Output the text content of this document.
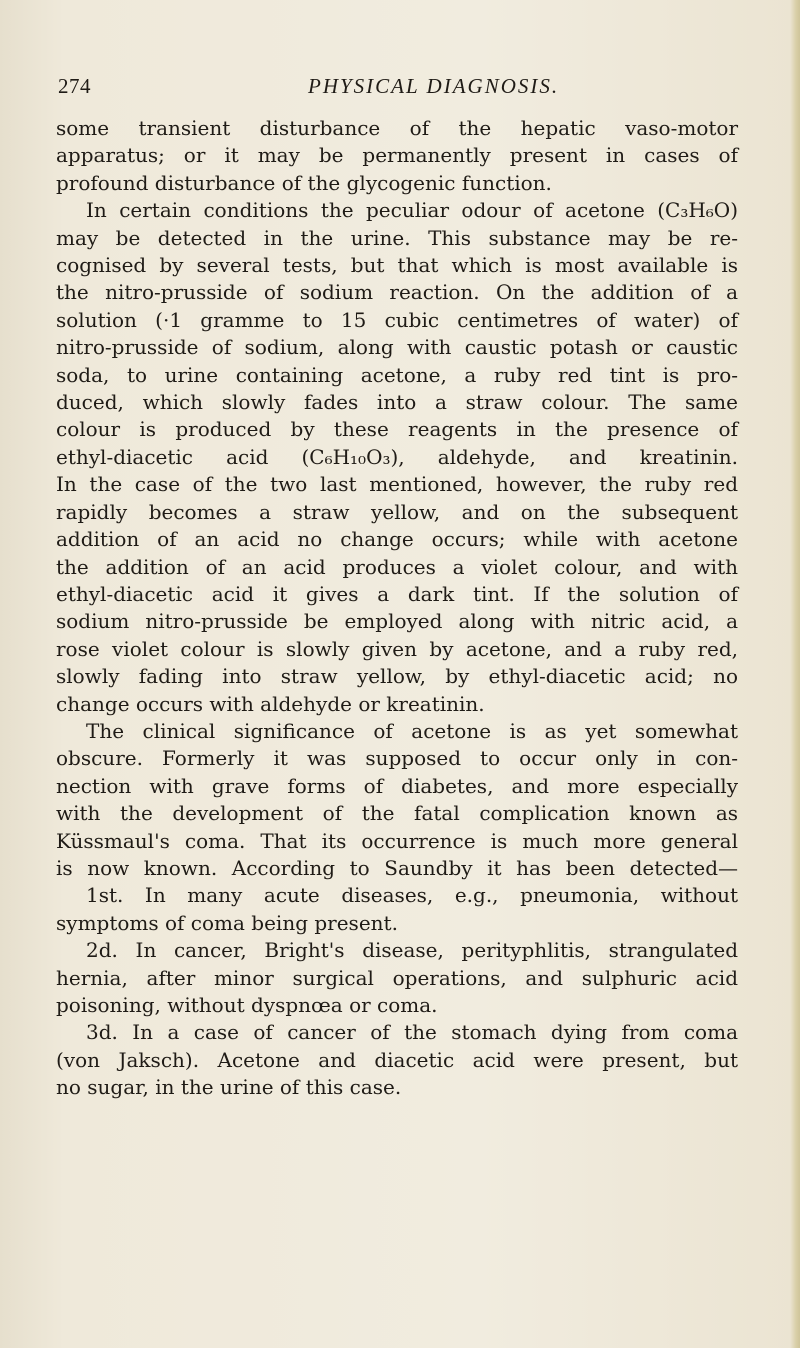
274	PHYSICAL DIAGNOSIS.
some transient disturbance of the hepatic vaso-motor
apparatus; or it may be permanently present in cases of
profound disturbance of the glycogenic function.
In certain conditions the peculiar odour of acetone (C₃H₆O)
may be detected in the urine. This substance may be re-
cognised by several tests, but that which is most available is
the nitro-prusside of sodium reaction. On the addition of a
solution (·1 gramme to 15 cubic centimetres of water) of
nitro-prusside of sodium, along with caustic potash or caustic
soda, to urine containing acetone, a ruby red tint is pro-
duced, which slowly fades into a straw colour. The same
colour is produced by these reagents in the presence of
ethyl-diacetic acid (C₆H₁₀O₃), aldehyde, and kreatinin.
In the case of the two last mentioned, however, the ruby red
rapidly becomes a straw yellow, and on the subsequent
addition of an acid no change occurs; while with acetone
the addition of an acid produces a violet colour, and with
ethyl-diacetic acid it gives a dark tint. If the solution of
sodium nitro-prusside be employed along with nitric acid, a
rose violet colour is slowly given by acetone, and a ruby red,
slowly fading into straw yellow, by ethyl-diacetic acid; no
change occurs with aldehyde or kreatinin.
The clinical significance of acetone is as yet somewhat
obscure. Formerly it was supposed to occur only in con-
nection with grave forms of diabetes, and more especially
with the development of the fatal complication known as
Küssmaul's coma. That its occurrence is much more general
is now known. According to Saundby it has been detected—
1st. In many acute diseases, e.g., pneumonia, without
symptoms of coma being present.
2d. In cancer, Bright's disease, perityphlitis, strangulated
hernia, after minor surgical operations, and sulphuric acid
poisoning, without dyspnœa or coma.
3d. In a case of cancer of the stomach dying from coma
(von Jaksch). Acetone and diacetic acid were present, but
no sugar, in the urine of this case.
